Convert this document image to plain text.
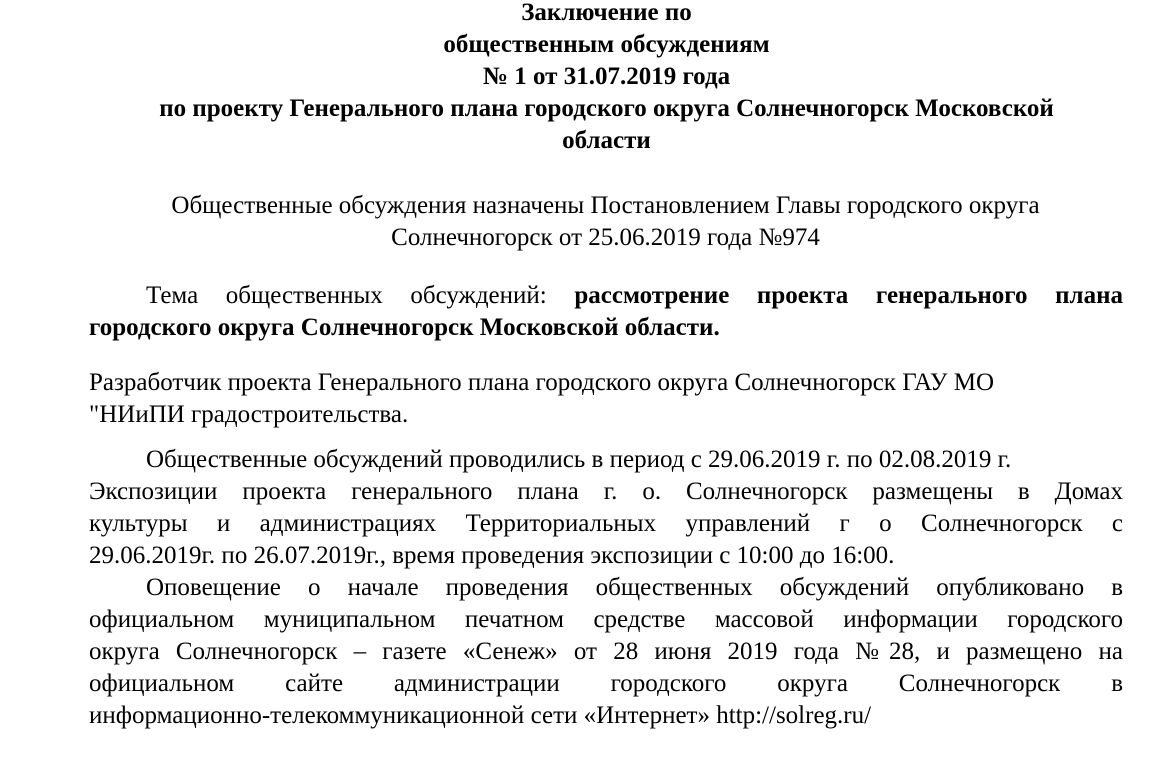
Заключение по
общественным обсуждениям
№ 1 от 31.07.2019 года
по проекту Генерального плана городского округа Солнечногорск Московской
области
Общественные обсуждения назначены Постановлением Главы городского округа
Солнечногорск от 25.06.2019 года №974
Тема общественных обсуждений: рассмотрение проекта генерального плана
городского округа Солнечногорск Московской области.
Разработчик проекта Генерального плана городского округа Солнечногорск ГАУ МО
"НИиПИ градостроительства.
Общественные обсуждений проводились в период с 29.06.2019 г. по 02.08.2019 г.
Экспозиции проекта генерального плана г. о. Солнечногорск размещены в Домах
культуры и администрациях Территориальных управлений г о Солнечногорск с
29.06.2019г. по 26.07.2019г., время проведения экспозиции с 10:00 до 16:00.
Оповещение о начале проведения общественных обсуждений опубликовано в
официальном муниципальном печатном средстве массовой информации городского
округа Солнечногорск – газете «Сенеж» от 28 июня 2019 года №28, и размещено на
официальном сайте администрации городского округа Солнечногорск в
информационно-телекоммуникационной сети «Интернет» http://solreg.ru/
